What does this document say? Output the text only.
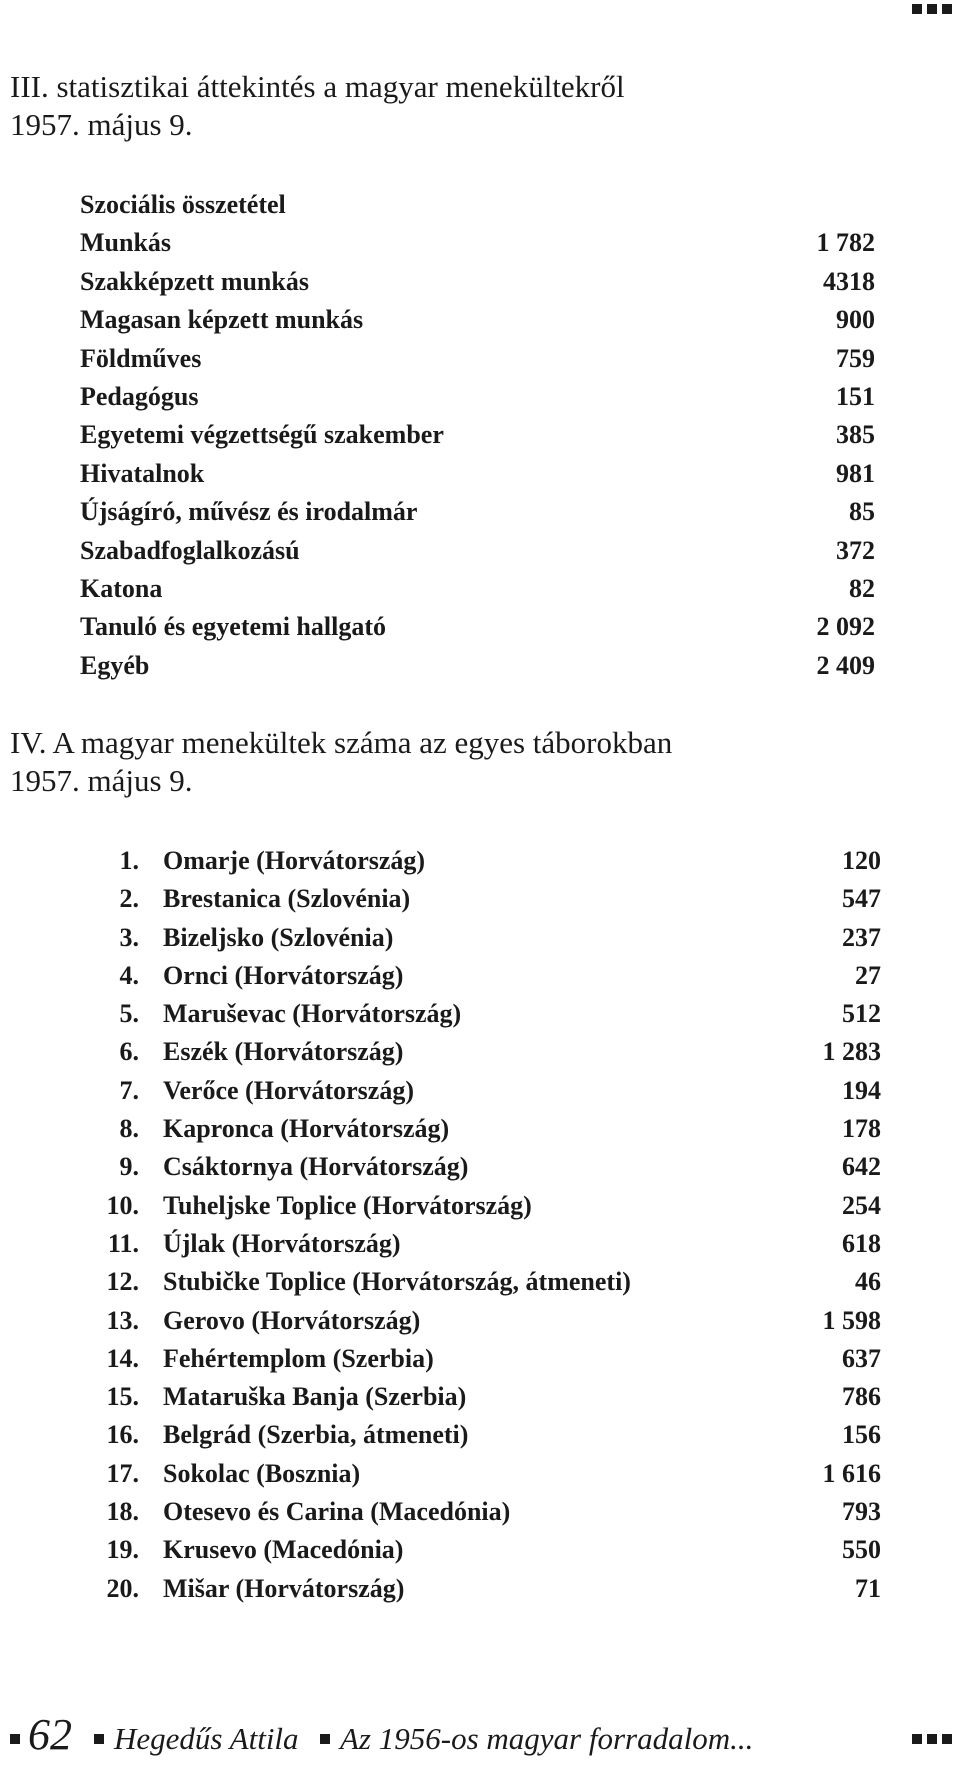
III. statisztikai áttekintés a magyar menekültekről
1957. május 9.
Szociális összetétel
Munkás	1 782
Szakképzett munkás	4318
Magasan képzett munkás	900
Földműves	759
Pedagógus	151
Egyetemi végzettségű szakember	385
Hivatalnok	981
Újságíró, művész és irodalmár	85
Szabadfoglalkozású	372
Katona	82
Tanuló és egyetemi hallgató	2 092
Egyéb	2 409
IV. A magyar menekültek száma az egyes táborokban
1957. május 9.
1. Omarje (Horvátország)	120
2. Brestanica (Szlovénia)	547
3. Bizeljsko (Szlovénia)	237
4. Ornci (Horvátország)	27
5. Maruševac (Horvátország)	512
6. Eszék (Horvátország)	1 283
7. Verőce (Horvátország)	194
8. Kapronca (Horvátország)	178
9. Csáktornya (Horvátország)	642
10. Tuheljske Toplice (Horvátország)	254
11. Újlak (Horvátország)	618
12. Stubičke Toplice (Horvátország, átmeneti)	46
13. Gerovo (Horvátország)	1 598
14. Fehértemplom (Szerbia)	637
15. Mataruška Banja (Szerbia)	786
16. Belgrád (Szerbia, átmeneti)	156
17. Sokolac (Bosznia)	1 616
18. Otesevo és Carina (Macedónia)	793
19. Krusevo (Macedónia)	550
20. Mišar (Horvátország)	71
62 Hegedűs Attila Az 1956-os magyar forradalom...
